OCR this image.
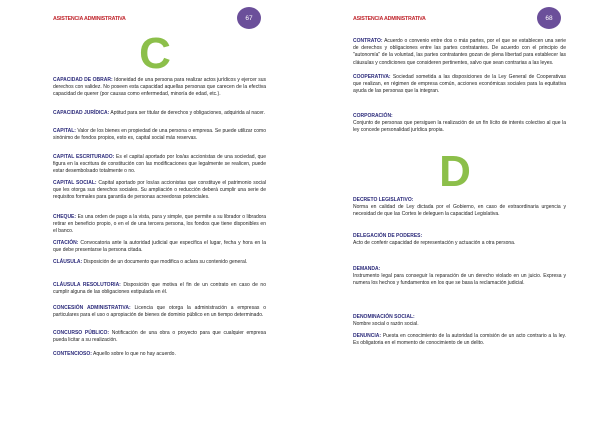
ASISTENCIA ADMINISTRATIVA	67
C
CAPACIDAD DE OBRAR: Idoneidad de una persona para realizar actos jurídicos y ejercer sus derechos con validez. No poseen esta capacidad aquellas personas que carecen de la efectiva capacidad de querer (por causas como enfermedad, minoría de edad, etc.).
CAPACIDAD JURÍDICA: Aptitud para ser titular de derechos y obligaciones, adquirida al nacer.
CAPITAL: Valor de los bienes en propiedad de una persona o empresa. Se puede utilizar como sinónimo de fondos propios, esto es, capital social más reservas.
CAPITAL ESCRITURADO: Es el capital aportado por los/as accionistas de una sociedad, que figura en la escritura de constitución con las modificaciones que legalmente se realicen, puede estar desembolsado totalmente o no.
CAPITAL SOCIAL: Capital aportado por los/as accionistas que constituye el patrimonio social que les otorga sus derechos sociales. Su ampliación o reducción deberá cumplir una serie de requisitos formales para garantía de personas acreedoras potenciales.
CHEQUE: Es una orden de pago a la vista, pura y simple, que permite a su librador o libradora retirar en beneficio propio, o en el de una tercera persona, los fondos que tiene disponibles en el banco.
CITACIÓN: Convocatoria ante la autoridad judicial que especifica el lugar, fecha y hora en la que debe presentarse la persona citada.
CLÁUSULA: Disposición de un documento que modifica o aclara su contenido general.
CLÁUSULA RESOLUTORIA: Disposición que motiva el fin de un contrato en caso de no cumplir alguna de las obligaciones estipulada en él.
CONCESIÓN ADMINISTRATIVA: Licencia que otorga la administración a empresas o particulares para el uso o apropiación de bienes de dominio público en un tiempo determinado.
CONCURSO PÚBLICO: Notificación de una obra o proyecto para que cualquier empresa pueda licitar a su realización.
CONTENCIOSO: Aquello sobre lo que no hay acuerdo.
ASISTENCIA ADMINISTRATIVA	68
D
CONTRATO: Acuerdo o convenio entre dos o más partes, por el que se establecen una serie de derechos y obligaciones entre las partes contratantes. De acuerdo con el principio de "autonomía" de la voluntad, las partes contratantes gozan de plena libertad para establecer las cláusulas y condiciones que consideren pertinentes, salvo que sean contrarias a las leyes.
COOPERATIVA: Sociedad sometida a las disposiciones de la Ley General de Cooperativas que realizan, en régimen de empresa común, acciones económicas sociales para la equitativa ayuda de las personas que la integran.
CORPORACIÓN:
Conjunto de personas que persiguen la realización de un fin lícito de interés colectivo al que la ley concede personalidad jurídica propia.
DECRETO LEGISLATIVO:
Norma en calidad de Ley dictada por el Gobierno, en caso de extraordinaria urgencia y necesidad de que las Cortes le deleguen la capacidad Legislativa.
DELEGACIÓN DE PODERES:
Acto de conferir capacidad de representación y actuación a otra persona.
DEMANDA:
Instrumento legal para conseguir la reparación de un derecho violado en un juicio. Expresa y numera los hechos y fundamentos en los que se basa la reclamación judicial.
DENOMINACIÓN SOCIAL:
Nombre social o razón social.
DENUNCIA: Puesta en conocimiento de la autoridad la comisión de un acto contrario a la ley. Es obligatoria en el momento de conocimiento de un delito.
